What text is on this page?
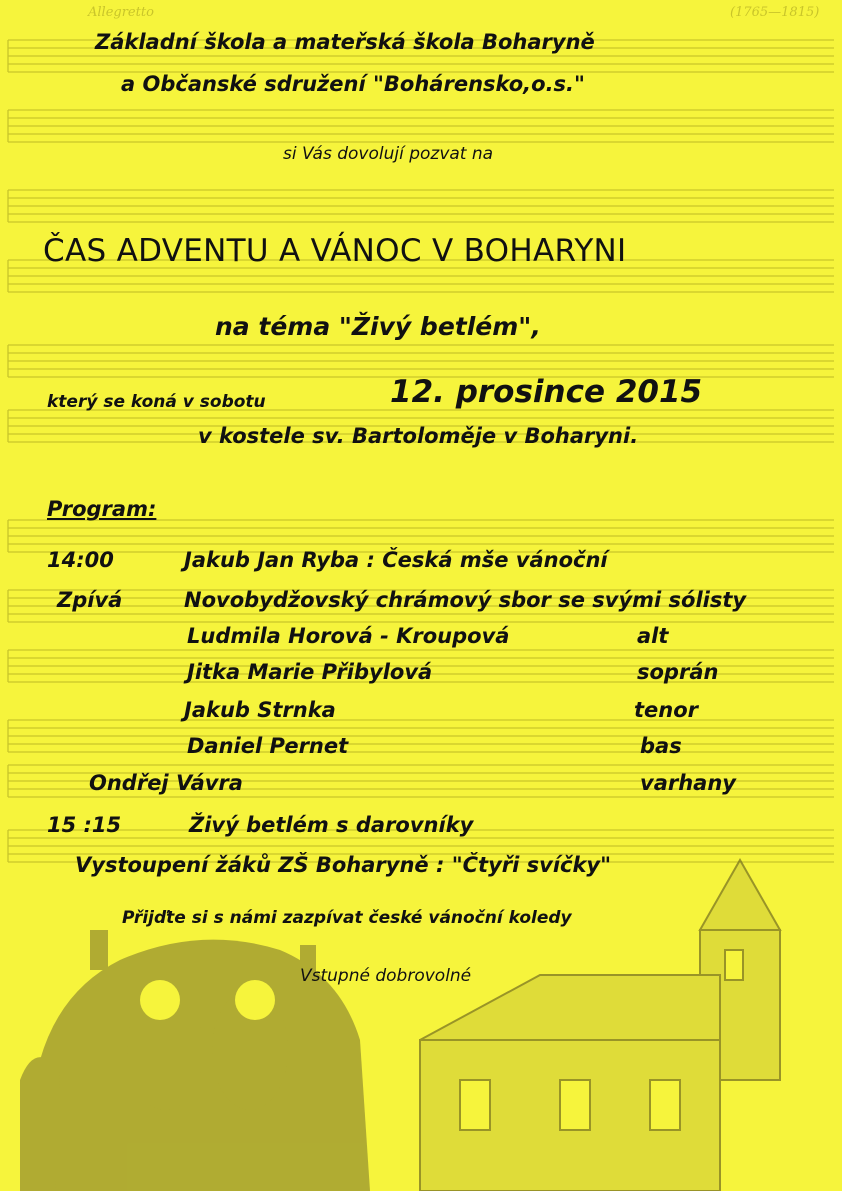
Allegretto	(1765—1815)
Základní škola a mateřská škola Boharyně
a Občanské sdružení "Bohárensko,o.s."
si Vás dovolují pozvat na
ČAS ADVENTU A VÁNOC V BOHARYNI
na téma "Živý betlém",
který se koná v sobotu	12. prosince 2015
v kostele sv. Bartoloměje v Boharyni.
Program:
14:00	Jakub Jan Ryba : Česká mše vánoční
Zpívá	Novobydžovský chrámový sbor se svými sólisty
Ludmila Horová - Kroupová	alt
Jitka Marie Přibylová	soprán
Jakub Strnka	tenor
Daniel Pernet	bas
Ondřej Vávra	varhany
15 :15	Živý betlém s darovníky
Vystoupení žáků ZŠ Boharyně : "Čtyři svíčky"
Přijďte si s námi zazpívat české vánoční koledy
Vstupné dobrovolné
